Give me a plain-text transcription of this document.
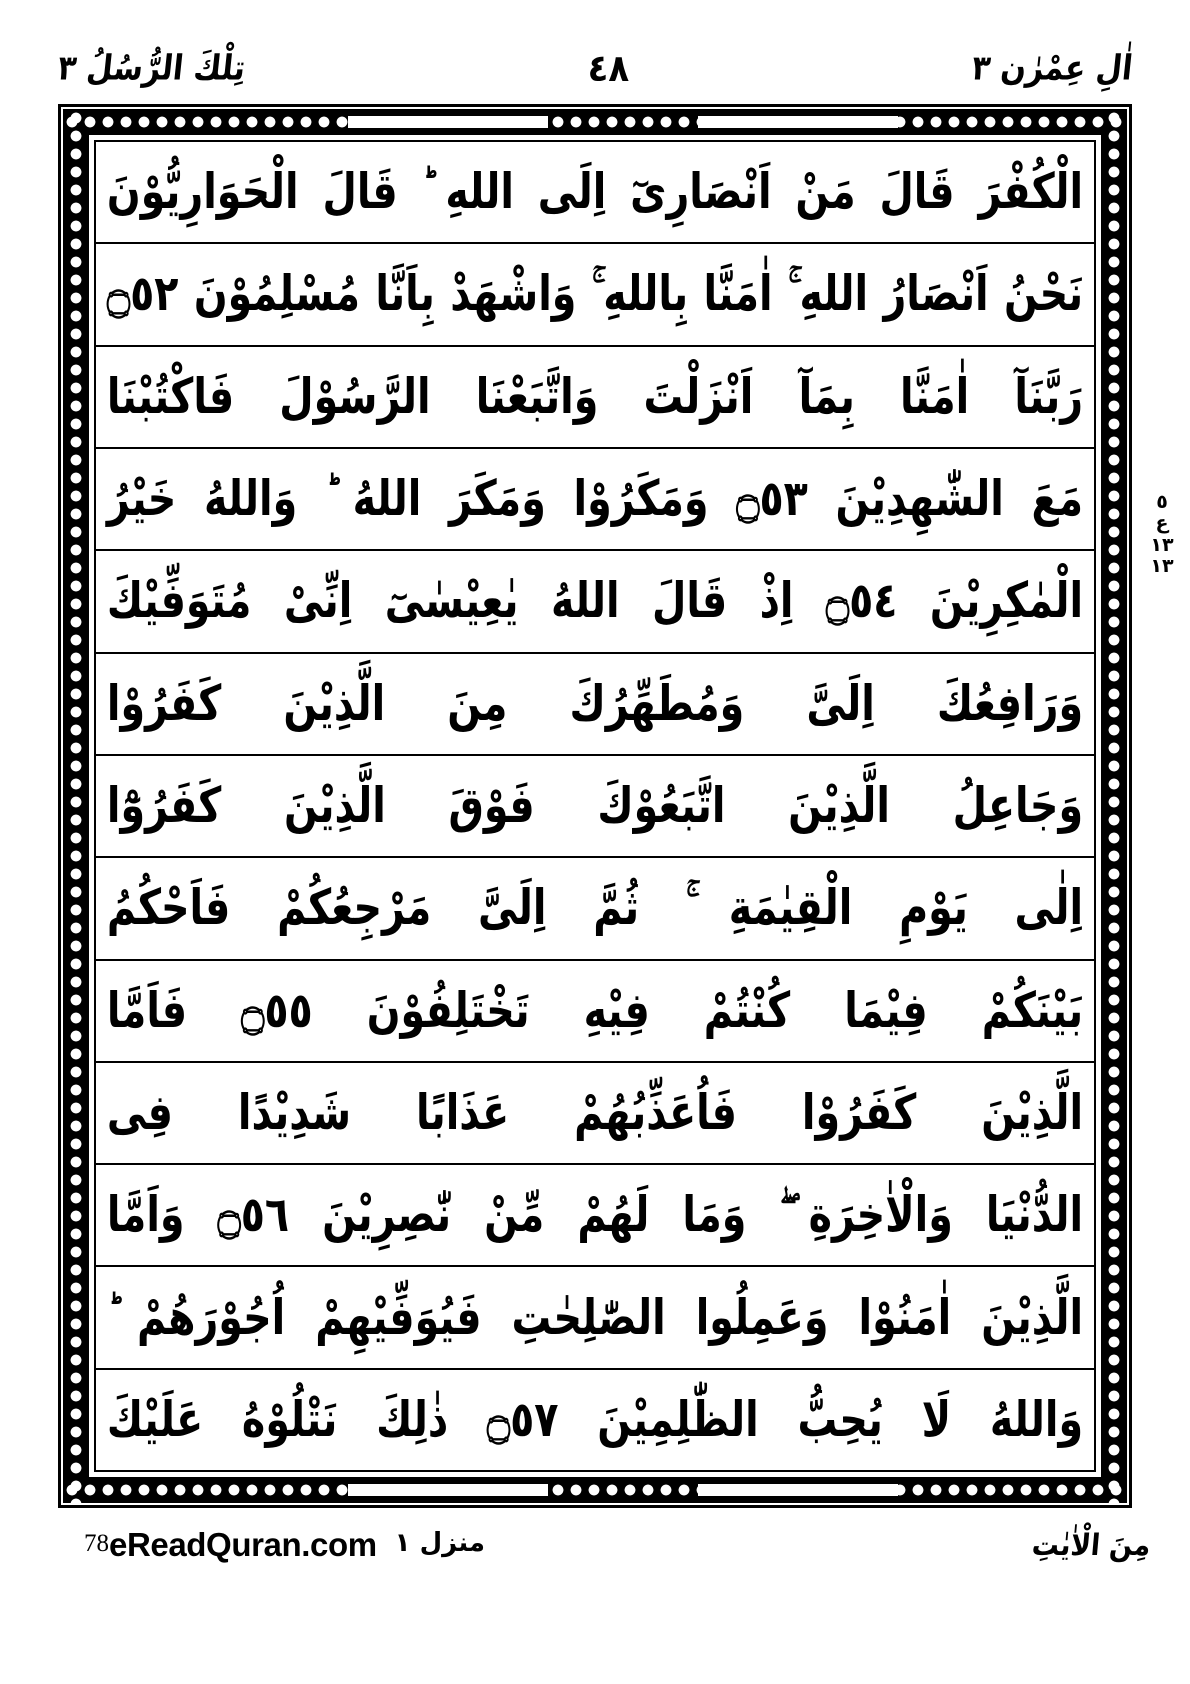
اٰلِ عِمْرٰن ٣
٤٨
تِلْكَ الرُّسُلُ ٣
الْكُفْرَ قَالَ مَنْ اَنْصَارِىٓ اِلَى اللهِ ؕ قَالَ الْحَوَارِيُّوْنَ
نَحْنُ اَنْصَارُ اللهِ ۚ اٰمَنَّا بِاللهِ ۚ وَاشْهَدْ بِاَنَّا مُسْلِمُوْنَ ۝٥٢
رَبَّنَآ اٰمَنَّا بِمَآ اَنْزَلْتَ وَاتَّبَعْنَا الرَّسُوْلَ فَاكْتُبْنَا
مَعَ الشّٰهِدِيْنَ ۝٥٣ وَمَكَرُوْا وَمَكَرَ اللهُ ؕ وَاللهُ خَيْرُ
الْمٰكِرِيْنَ ۝٥٤ اِذْ قَالَ اللهُ يٰعِيْسٰىٓ اِنِّىْ مُتَوَفِّيْكَ
وَرَافِعُكَ اِلَىَّ وَمُطَهِّرُكَ مِنَ الَّذِيْنَ كَفَرُوْا
وَجَاعِلُ الَّذِيْنَ اتَّبَعُوْكَ فَوْقَ الَّذِيْنَ كَفَرُوْٓا
اِلٰى يَوْمِ الْقِيٰمَةِ ۚ ثُمَّ اِلَىَّ مَرْجِعُكُمْ فَاَحْكُمُ
بَيْنَكُمْ فِيْمَا كُنْتُمْ فِيْهِ تَخْتَلِفُوْنَ ۝٥٥ فَاَمَّا
الَّذِيْنَ كَفَرُوْا فَاُعَذِّبُهُمْ عَذَابًا شَدِيْدًا فِى
الدُّنْيَا وَالْاٰخِرَةِ ۖ وَمَا لَهُمْ مِّنْ نّٰصِرِيْنَ ۝٥٦ وَاَمَّا
الَّذِيْنَ اٰمَنُوْا وَعَمِلُوا الصّٰلِحٰتِ فَيُوَفِّيْهِمْ اُجُوْرَهُمْ ؕ
وَاللهُ لَا يُحِبُّ الظّٰلِمِيْنَ ۝٥٧ ذٰلِكَ نَتْلُوْهُ عَلَيْكَ
٥
ع
١٣
١٣
مِنَ الْاٰيٰتِ
منزل ١
eReadQuran.com
78
